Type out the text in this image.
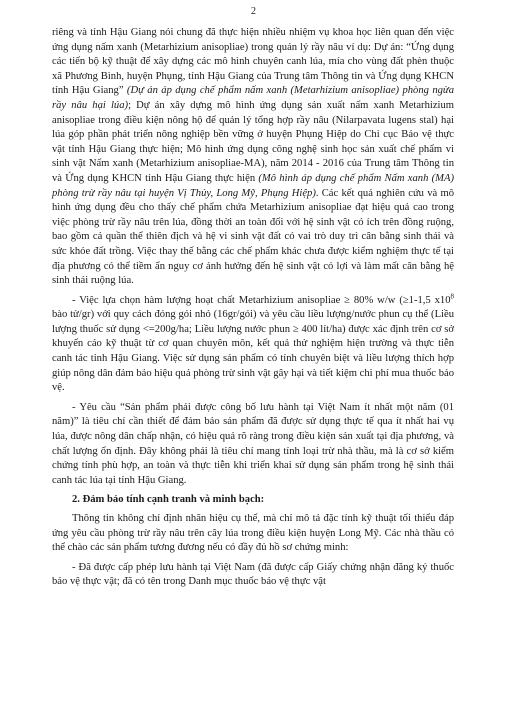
2

riêng và tỉnh Hậu Giang nói chung đã thực hiện nhiều nhiệm vụ khoa học liên quan đến việc ứng dụng nấm xanh (Metarhizium anisopliae) trong quản lý rầy nâu ví dụ: Dự án: “Ứng dụng các tiến bộ kỹ thuật để xây dựng các mô hình chuyên canh lúa, mía cho vùng đất phèn thuộc xã Phương Bình, huyện Phụng, tỉnh Hậu Giang của Trung tâm Thông tin và Ứng dụng KHCN tỉnh Hậu Giang” (Dự án áp dụng chế phẩm nấm xanh (Metarhizium anisopliae) phòng ngừa rầy nâu hại lúa); Dự án xây dựng mô hình ứng dụng sản xuất nấm xanh Metarhizium anisopliae trong điều kiện nông hộ để quản lý tổng hợp rầy nâu (Nilarpavata lugens stal) hại lúa góp phần phát triển nông nghiệp bền vững ở huyện Phụng Hiệp do Chi cục Bảo vệ thực vật tỉnh Hậu Giang thực hiện; Mô hình ứng dụng công nghệ sinh học sản xuất chế phẩm vi sinh vật Nấm xanh (Metarhizium anisopliae-MA), năm 2014 - 2016 của Trung tâm Thông tin và Ứng dụng KHCN tỉnh Hậu Giang thực hiện (Mô hình áp dụng chế phẩm Nấm xanh (MA) phòng trừ rầy nâu tại huyện Vị Thủy, Long Mỹ, Phụng Hiệp). Các kết quả nghiên cứu và mô hình ứng dụng đều cho thấy chế phẩm chứa Metarhizium anisopliae đạt hiệu quả cao trong việc phòng trừ rầy nâu trên lúa, đồng thời an toàn đối với hệ sinh vật có ích trên đồng ruộng, bao gồm cả quần thể thiên địch và hệ vi sinh vật đất có vai trò duy trì cân bằng sinh thái và sức khỏe đất trồng. Việc thay thế bằng các chế phẩm khác chưa được kiểm nghiệm thực tế tại địa phương có thể tiềm ẩn nguy cơ ảnh hưởng đến hệ sinh vật có lợi và làm mất cân bằng hệ sinh thái ruộng lúa.

- Việc lựa chọn hàm lượng hoạt chất Metarhizium anisopliae ≥ 80% w/w (≥1-1,5 $x10^8$ bào tử/gr) với quy cách đóng gói nhỏ (16gr/gói) và yêu cầu liều lượng/nước phun cụ thể (Liều lượng thuốc sử dụng <=200g/ha; Liều lượng nước phun ≥ 400 lít/ha) được xác định trên cơ sở khuyến cáo kỹ thuật từ cơ quan chuyên môn, kết quả thử nghiệm hiện trường và thực tiễn canh tác tỉnh Hậu Giang. Việc sử dụng sản phẩm có tính chuyên biệt và liều lượng thích hợp giúp nông dân đảm bảo hiệu quả phòng trừ sinh vật gây hại và tiết kiệm chi phí mua thuốc bảo vệ.

- Yêu cầu “Sản phẩm phải được công bố lưu hành tại Việt Nam ít nhất một năm (01 năm)” là tiêu chí cần thiết để đảm bảo sản phẩm đã được sử dụng thực tế qua ít nhất hai vụ lúa, được nông dân chấp nhận, có hiệu quả rõ ràng trong điều kiện sản xuất tại địa phương, và chất lượng ổn định. Đây không phải là tiêu chí mang tính loại trừ nhà thầu, mà là cơ sở kiểm chứng tính phù hợp, an toàn và thực tiễn khi triển khai sử dụng sản phẩm trong hệ sinh thái canh tác lúa tại tỉnh Hậu Giang.

2. Đảm bảo tính cạnh tranh và minh bạch:

Thông tin không chỉ định nhãn hiệu cụ thể, mà chỉ mô tả đặc tính kỹ thuật tối thiểu đáp ứng yêu cầu phòng trừ rầy nâu trên cây lúa trong điều kiện huyện Long Mỹ. Các nhà thầu có thể chào các sản phẩm tương đương nếu có đầy đủ hồ sơ chứng minh:

- Đã được cấp phép lưu hành tại Việt Nam (đã được cấp Giấy chứng nhận đăng ký thuốc bảo vệ thực vật; đã có tên trong Danh mục thuốc bảo vệ thực vật
